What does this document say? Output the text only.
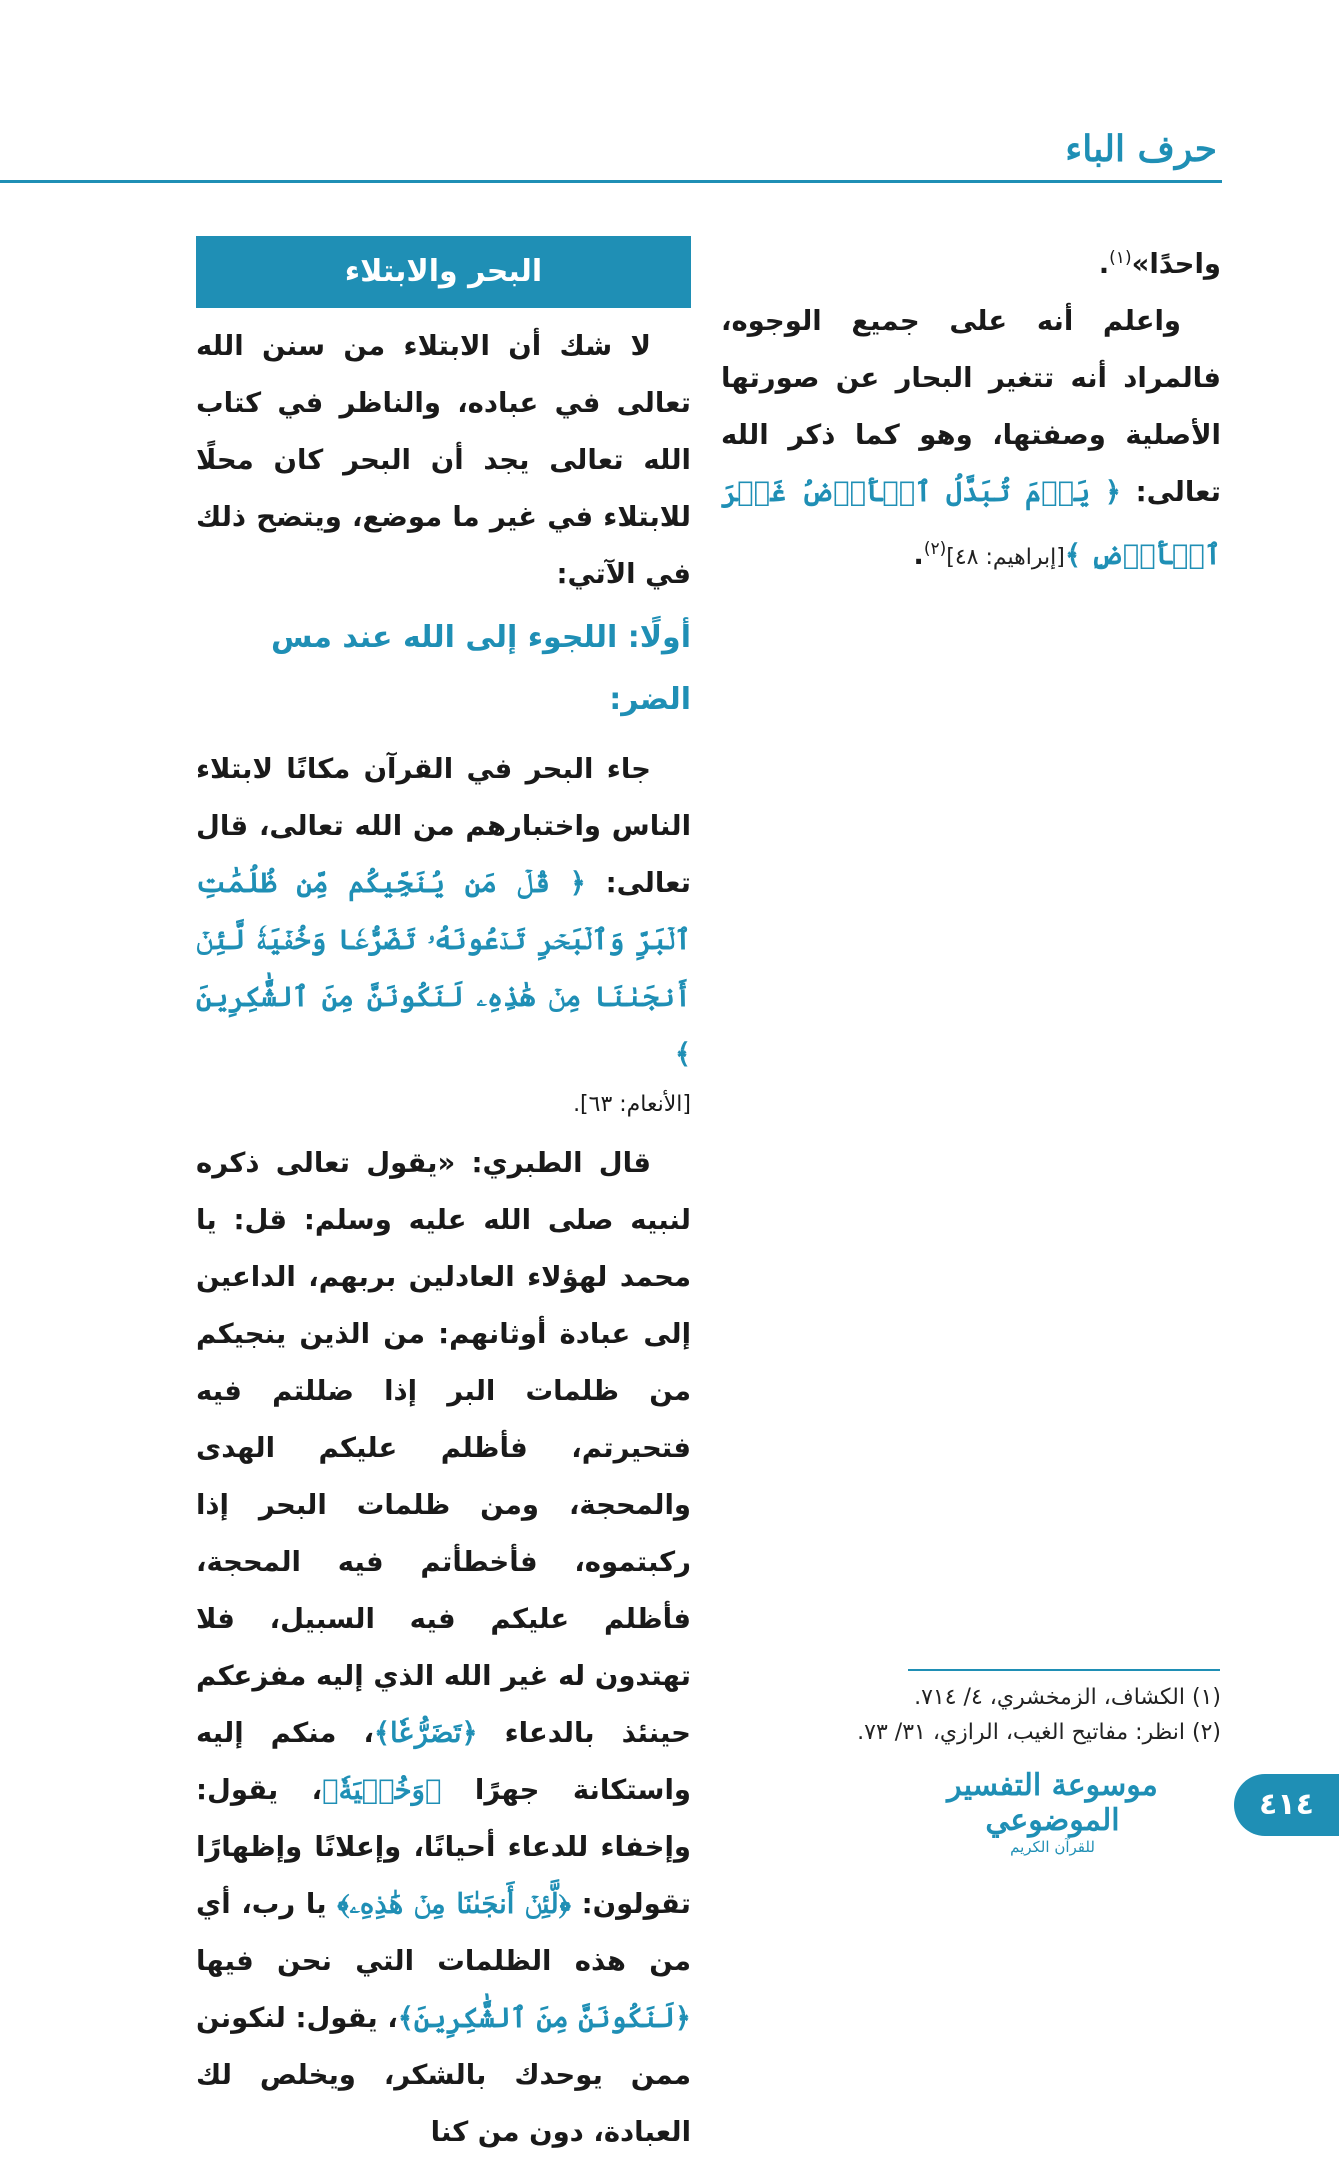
حرف الباء

واحدًا»$^{(١)}$.

واعلم أنه على جميع الوجوه، فالمراد أنه تتغير البحار عن صورتها الأصلية وصفتها، وهو كما ذكر الله تعالى: ﴿ يَوۡمَ تُبَدَّلُ ٱلۡأَرۡضُ غَيۡرَ ٱلۡأَرۡضِ ﴾[إبراهيم: ٤٨]$^{(٢)}$.

البحر والابتلاء

لا شك أن الابتلاء من سنن الله تعالى في عباده، والناظر في كتاب الله تعالى يجد أن البحر كان محلًا للابتلاء في غير ما موضع، ويتضح ذلك في الآتي:

أولًا: اللجوء إلى الله عند مس الضر:

جاء البحر في القرآن مكانًا لابتلاء الناس واختبارهم من الله تعالى، قال تعالى: ﴿ قُلۡ مَن يُنَجِّيكُم مِّن ظُلُمَٰتِ ٱلۡبَرِّ وَٱلۡبَحۡرِ تَدۡعُونَهُۥ تَضَرُّعٗا وَخُفۡيَةٗ لَّئِنۡ أَنجَىٰنَا مِنۡ هَٰذِهِۦ لَنَكُونَنَّ مِنَ ٱلشَّٰكِرِينَ ﴾

[الأنعام: ٦٣].

قال الطبري: «يقول تعالى ذكره لنبيه صلى الله عليه وسلم: قل: يا محمد لهؤلاء العادلين بربهم، الداعين إلى عبادة أوثانهم: من الذين ينجيكم من ظلمات البر إذا ضللتم فيه فتحيرتم، فأظلم عليكم الهدى والمحجة، ومن ظلمات البحر إذا ركبتموه، فأخطأتم فيه المحجة، فأظلم عليكم فيه السبيل، فلا تهتدون له غير الله الذي إليه مفزعكم حينئذ بالدعاء ﴿تَضَرُّعٗا﴾، منكم إليه واستكانة جهرًا ﴿وَخُفۡيَةٗ﴾، يقول: وإخفاء للدعاء أحيانًا، وإعلانًا وإظهارًا تقولون: ﴿لَّئِنۡ أَنجَىٰنَا مِنۡ هَٰذِهِۦ﴾ يا رب، أي من هذه الظلمات التي نحن فيها ﴿لَنَكُونَنَّ مِنَ ٱلشَّٰكِرِينَ﴾، يقول: لنكونن ممن يوحدك بالشكر، ويخلص لك العبادة، دون من كنا

(١) الكشاف، الزمخشري، ٤/ ٧١٤.
(٢) انظر: مفاتيح الغيب، الرازي، ٣١/ ٧٣.
موسوعة التفسير الموضوعي
للقرآن الكريم
٤١٤
